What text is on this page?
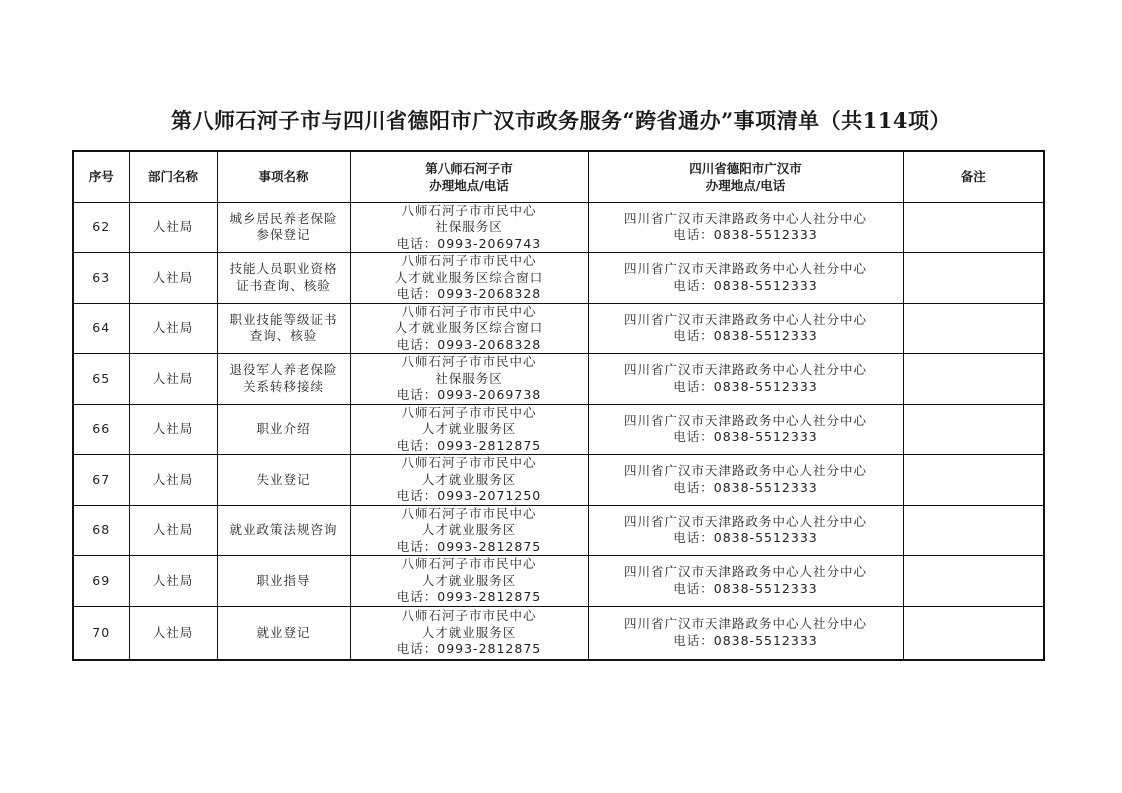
第八师石河子市与四川省德阳市广汉市政务服务“跨省通办”事项清单（共114项）
序号	部门名称	事项名称	第八师石河子市
办理地点/电话	四川省德阳市广汉市
办理地点/电话	备注
62	人社局	城乡居民养老保险
参保登记	八师石河子市市民中心
社保服务区
电话：0993-2069743	四川省广汉市天津路政务中心人社分中心
电话：0838-5512333	

63	人社局	技能人员职业资格
证书查询、核验	八师石河子市市民中心
人才就业服务区综合窗口
电话：0993-2068328	四川省广汉市天津路政务中心人社分中心
电话：0838-5512333	

64	人社局	职业技能等级证书
查询、核验	八师石河子市市民中心
人才就业服务区综合窗口
电话：0993-2068328	四川省广汉市天津路政务中心人社分中心
电话：0838-5512333	

65	人社局	退役军人养老保险
关系转移接续	八师石河子市市民中心
社保服务区
电话：0993-2069738	四川省广汉市天津路政务中心人社分中心
电话：0838-5512333	

66	人社局	职业介绍	八师石河子市市民中心
人才就业服务区
电话：0993-2812875	四川省广汉市天津路政务中心人社分中心
电话：0838-5512333	

67	人社局	失业登记	八师石河子市市民中心
人才就业服务区
电话：0993-2071250	四川省广汉市天津路政务中心人社分中心
电话：0838-5512333	

68	人社局	就业政策法规咨询	八师石河子市市民中心
人才就业服务区
电话：0993-2812875	四川省广汉市天津路政务中心人社分中心
电话：0838-5512333	

69	人社局	职业指导	八师石河子市市民中心
人才就业服务区
电话：0993-2812875	四川省广汉市天津路政务中心人社分中心
电话：0838-5512333	

70	人社局	就业登记	八师石河子市市民中心
人才就业服务区
电话：0993-2812875	四川省广汉市天津路政务中心人社分中心
电话：0838-5512333	
